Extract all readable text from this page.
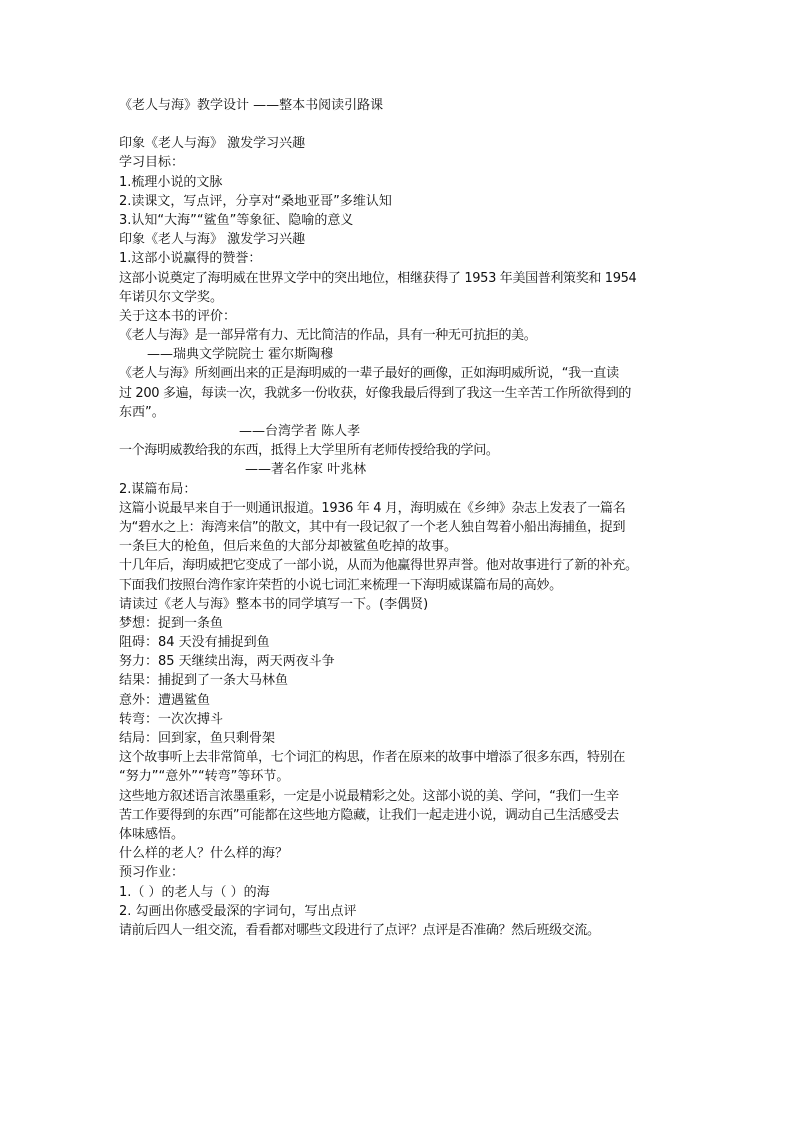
《老人与海》教学设计 ——整本书阅读引路课
印象《老人与海》 激发学习兴趣
学习目标：
1.梳理小说的文脉
2.读课文，写点评，分享对“桑地亚哥”多维认知
3.认知“大海”“鲨鱼”等象征、隐喻的意义
印象《老人与海》 激发学习兴趣
1.这部小说赢得的赞誉：
这部小说奠定了海明威在世界文学中的突出地位，相继获得了 1953 年美国普利策奖和 1954
年诺贝尔文学奖。
关于这本书的评价：
《老人与海》是一部异常有力、无比简洁的作品，具有一种无可抗拒的美。
——瑞典文学院院士 霍尔斯陶穆
《老人与海》所刻画出来的正是海明威的一辈子最好的画像，正如海明威所说，“我一直读
过 200 多遍，每读一次，我就多一份收获，好像我最后得到了我这一生辛苦工作所欲得到的
东西”。
——台湾学者 陈人孝
一个海明威教给我的东西，抵得上大学里所有老师传授给我的学问。
——著名作家 叶兆林
2.谋篇布局：
这篇小说最早来自于一则通讯报道。1936 年 4 月，海明威在《乡绅》杂志上发表了一篇名
为“碧水之上：海湾来信”的散文，其中有一段记叙了一个老人独自驾着小船出海捕鱼，捉到
一条巨大的枪鱼，但后来鱼的大部分却被鲨鱼吃掉的故事。
十几年后，海明威把它变成了一部小说，从而为他赢得世界声誉。他对故事进行了新的补充。
下面我们按照台湾作家许荣哲的小说七词汇来梳理一下海明威谋篇布局的高妙。
请读过《老人与海》整本书的同学填写一下。(李偶贤)
梦想：捉到一条鱼
阻碍：84 天没有捕捉到鱼
努力：85 天继续出海，两天两夜斗争
结果：捕捉到了一条大马林鱼
意外：遭遇鲨鱼
转弯：一次次搏斗
结局：回到家，鱼只剩骨架
这个故事听上去非常简单，七个词汇的构思，作者在原来的故事中增添了很多东西，特别在
“努力”“意外”“转弯”等环节。
这些地方叙述语言浓墨重彩，一定是小说最精彩之处。这部小说的美、学问，“我们一生辛
苦工作要得到的东西”可能都在这些地方隐藏，让我们一起走进小说，调动自己生活感受去
体味感悟。
什么样的老人？什么样的海？
预习作业：
1.（ ）的老人与（ ）的海
2. 勾画出你感受最深的字词句，写出点评
请前后四人一组交流，看看都对哪些文段进行了点评？点评是否准确？然后班级交流。
